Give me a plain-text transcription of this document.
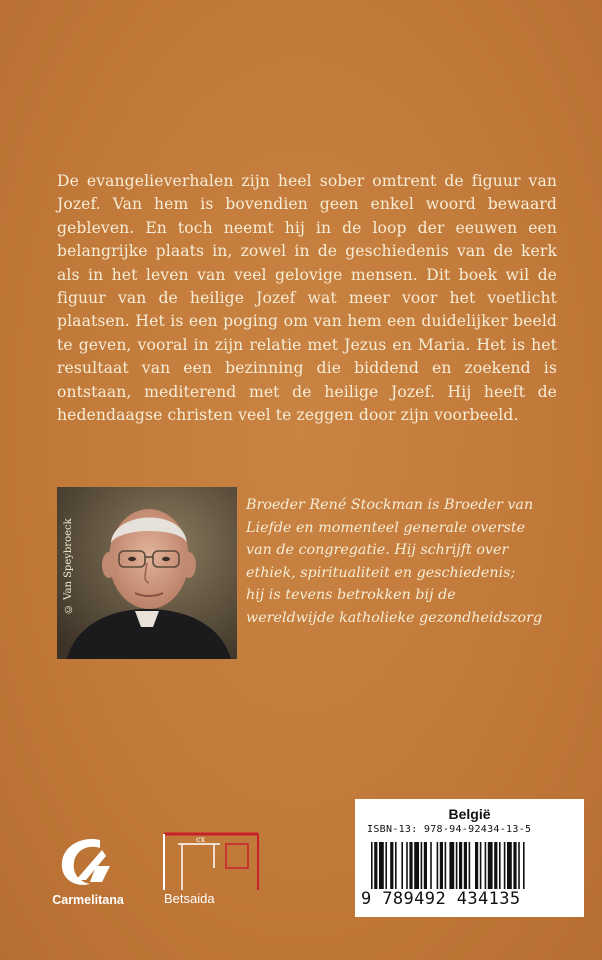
De evangelieverhalen zijn heel sober omtrent de figuur van Jozef. Van hem is bovendien geen enkel woord bewaard gebleven. En toch neemt hij in de loop der eeuwen een belangrijke plaats in, zowel in de geschiedenis van de kerk als in het leven van veel gelovige mensen. Dit boek wil de figuur van de heilige Jozef wat meer voor het voetlicht plaatsen. Het is een poging om van hem een duidelijker beeld te geven, vooral in zijn relatie met Jezus en Maria. Het is het resultaat van een bezinning die biddend en zoekend is ontstaan, mediterend met de heilige Jozef. Hij heeft de hedendaagse christen veel te zeggen door zijn voorbeeld.

© Van Speybroeck
Broeder René Stockman is Broeder van
Liefde en momenteel generale overste
van de congregatie. Hij schrijft over
ethiek, spiritualiteit en geschiedenis;
hij is tevens betrokken bij de
wereldwijde katholieke gezondheidszorg
Carmelitana
cx
Betsaida
België
ISBN-13: 978-94-92434-13-5
9 789492 434135
